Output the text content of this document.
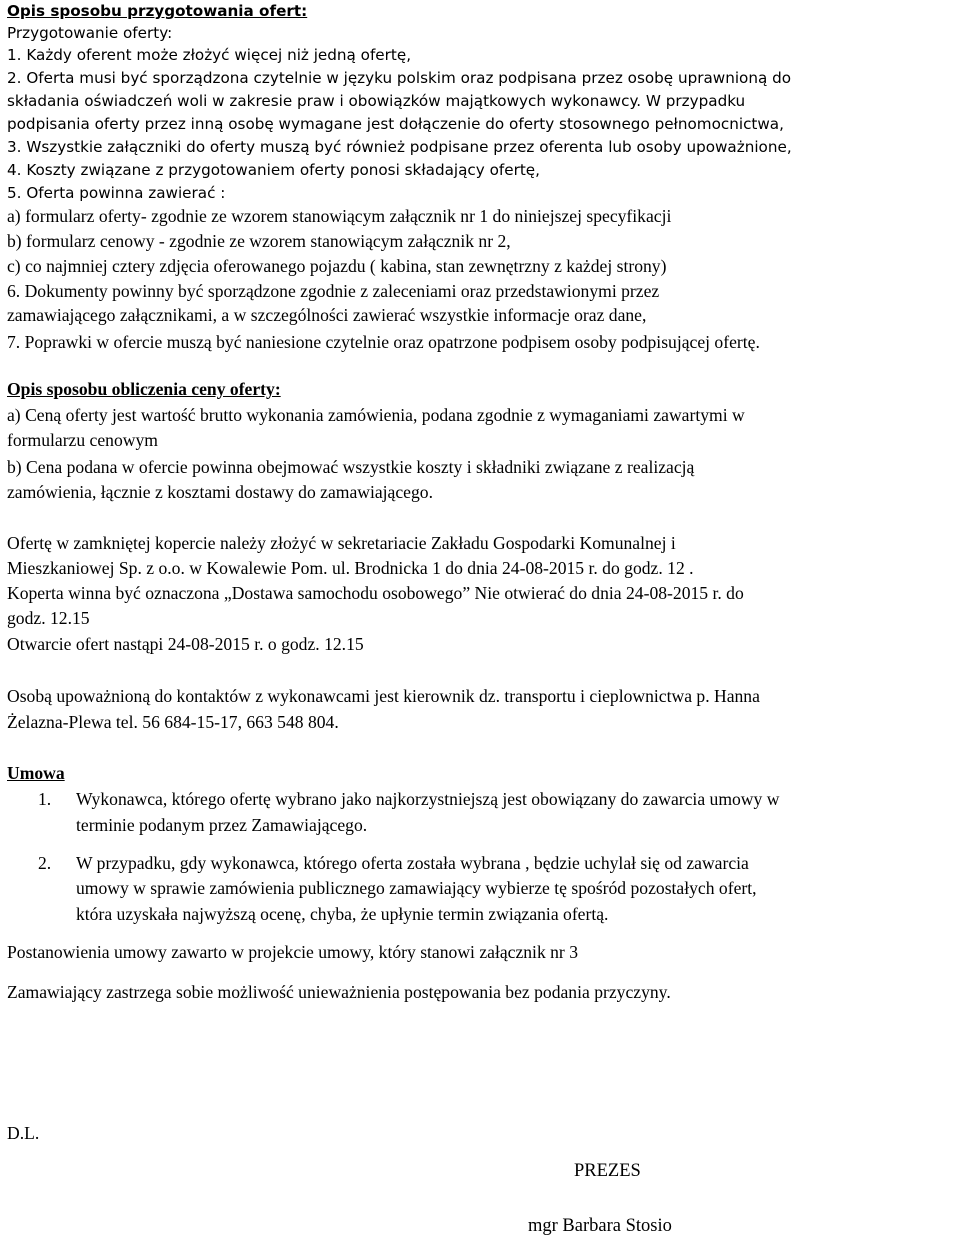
Opis sposobu przygotowania ofert:
Przygotowanie oferty:
1. Każdy oferent może złożyć więcej niż jedną ofertę,
2. Oferta musi być sporządzona czytelnie w języku polskim oraz podpisana przez osobę uprawnioną do
składania oświadczeń woli w zakresie praw i obowiązków majątkowych wykonawcy. W przypadku
podpisania oferty przez inną osobę wymagane jest dołączenie do oferty stosownego pełnomocnictwa,
3. Wszystkie załączniki do oferty muszą być również podpisane przez oferenta lub osoby upoważnione,
4. Koszty związane z przygotowaniem oferty ponosi składający ofertę,
5. Oferta powinna zawierać :
a) formularz oferty- zgodnie ze wzorem stanowiącym załącznik nr 1 do niniejszej specyfikacji
b) formularz cenowy - zgodnie ze wzorem stanowiącym załącznik nr 2,
c) co najmniej cztery zdjęcia oferowanego pojazdu ( kabina, stan zewnętrzny z każdej strony)
6. Dokumenty powinny być sporządzone zgodnie z zaleceniami oraz przedstawionymi przez
zamawiającego załącznikami, a w szczególności zawierać wszystkie informacje oraz dane,
7. Poprawki w ofercie muszą być naniesione czytelnie oraz opatrzone podpisem osoby podpisującej ofertę.
Opis sposobu obliczenia ceny oferty:
a) Ceną oferty jest wartość brutto wykonania zamówienia, podana zgodnie z wymaganiami zawartymi w
formularzu cenowym
b) Cena podana w ofercie powinna obejmować wszystkie koszty i składniki związane z realizacją
zamówienia, łącznie z kosztami dostawy do zamawiającego.
Ofertę w zamkniętej kopercie należy złożyć w sekretariacie Zakładu Gospodarki Komunalnej i
Mieszkaniowej Sp. z o.o. w Kowalewie Pom. ul. Brodnicka 1 do dnia 24-08-2015 r. do godz. 12 .
Koperta winna być oznaczona „Dostawa samochodu osobowego” Nie otwierać do dnia 24-08-2015 r. do
godz. 12.15
Otwarcie ofert nastąpi 24-08-2015 r. o godz. 12.15
Osobą upoważnioną do kontaktów z wykonawcami jest kierownik dz. transportu i cieplownictwa p. Hanna
Żelazna-Plewa tel. 56 684-15-17, 663 548 804.
Umowa
1. Wykonawca, którego ofertę wybrano jako najkorzystniejszą jest obowiązany do zawarcia umowy w
terminie podanym przez Zamawiającego.
2. W przypadku, gdy wykonawca, którego oferta została wybrana , będzie uchylał się od zawarcia
umowy w sprawie zamówienia publicznego zamawiający wybierze tę spośród pozostałych ofert,
która uzyskała najwyższą ocenę, chyba, że upłynie termin związania ofertą.
Postanowienia umowy zawarto w projekcie umowy, który stanowi załącznik nr 3
Zamawiający zastrzega sobie możliwość unieważnienia postępowania bez podania przyczyny.
D.L.
PREZES
mgr Barbara Stosio
